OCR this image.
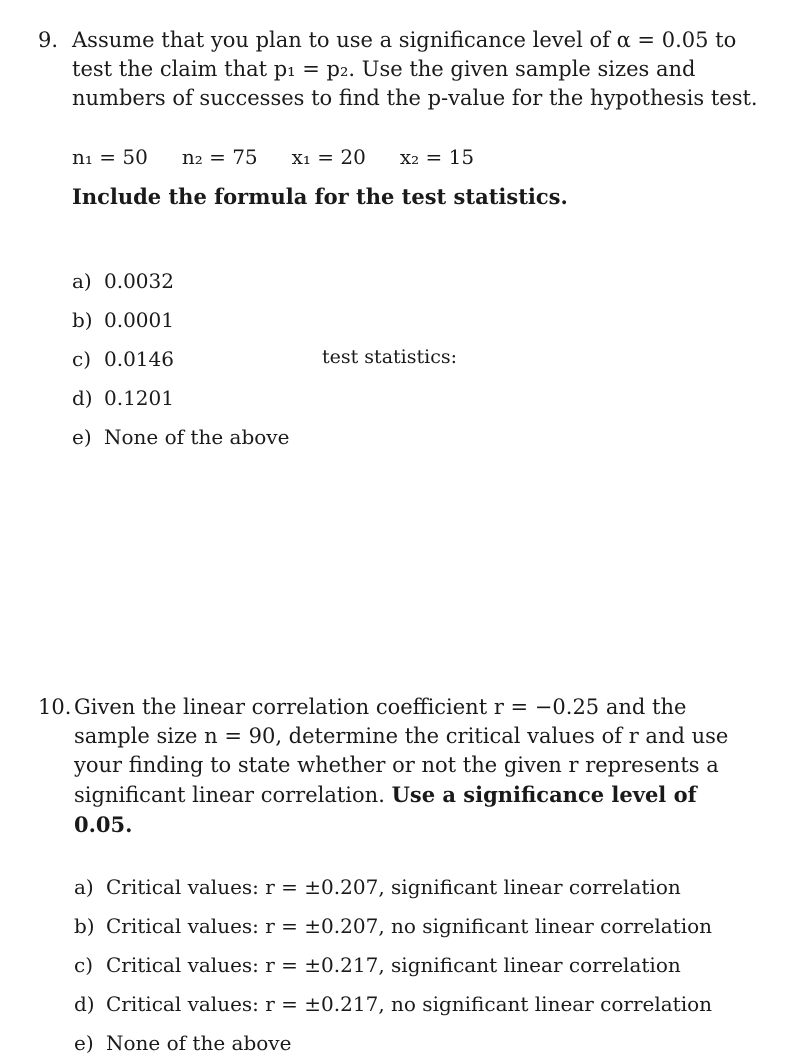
9. Assume that you plan to use a significance level of α = 0.05 to test the claim that p₁ = p₂. Use the given sample sizes and numbers of successes to find the p-value for the hypothesis test.
n₁ = 50 n₂ = 75 x₁ = 20 x₂ = 15
Include the formula for the test statistics.
a) 0.0032
b) 0.0001
c) 0.0146
d) 0.1201
e) None of the above
test statistics:
10. Given the linear correlation coefficient r = −0.25 and the sample size n = 90, determine the critical values of r and use your finding to state whether or not the given r represents a significant linear correlation. Use a significance level of 0.05.
a) Critical values: r = ±0.207, significant linear correlation
b) Critical values: r = ±0.207, no significant linear correlation
c) Critical values: r = ±0.217, significant linear correlation
d) Critical values: r = ±0.217, no significant linear correlation
e) None of the above
